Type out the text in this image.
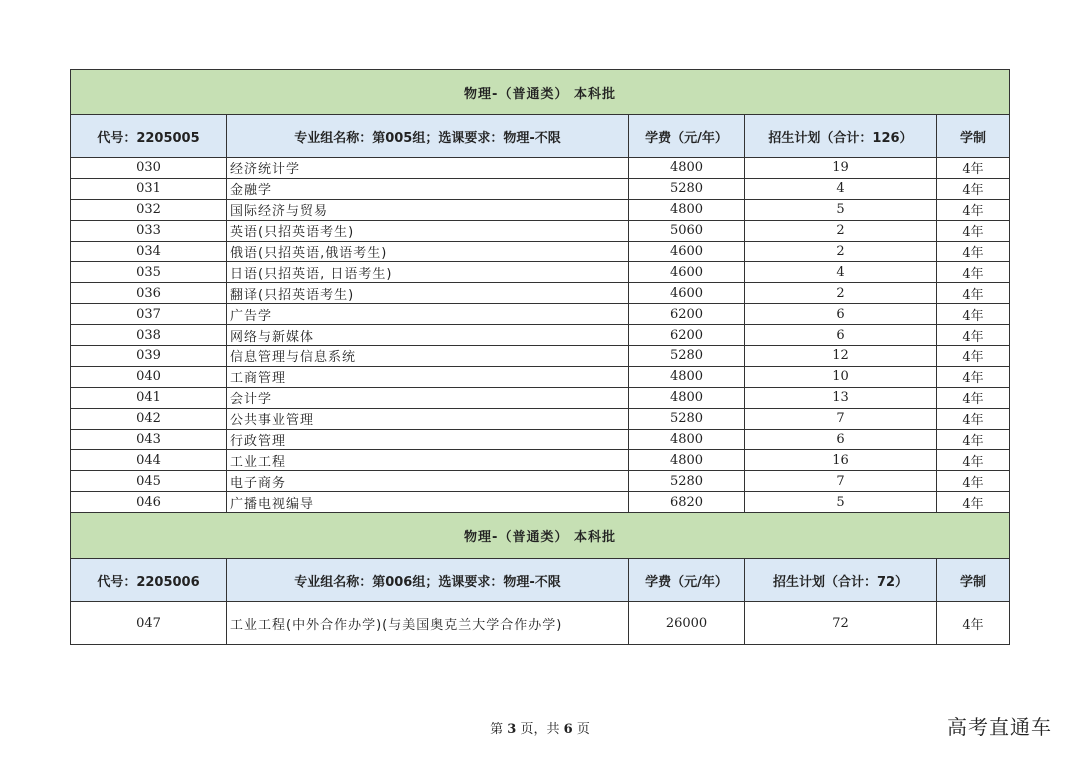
物理-（普通类） 本科批				
代号：2205005	专业组名称：第005组；选课要求：物理-不限	学费（元/年）	招生计划（合计：126）	学制
030	经济统计学	4800	19	4年
031	金融学	5280	4	4年
032	国际经济与贸易	4800	5	4年
033	英语(只招英语考生)	5060	2	4年
034	俄语(只招英语,俄语考生)	4600	2	4年
035	日语(只招英语, 日语考生)	4600	4	4年
036	翻译(只招英语考生)	4600	2	4年
037	广告学	6200	6	4年
038	网络与新媒体	6200	6	4年
039	信息管理与信息系统	5280	12	4年
040	工商管理	4800	10	4年
041	会计学	4800	13	4年
042	公共事业管理	5280	7	4年
043	行政管理	4800	6	4年
044	工业工程	4800	16	4年
045	电子商务	5280	7	4年
046	广播电视编导	6820	5	4年
物理-（普通类） 本科批				
代号：2205006	专业组名称：第006组；选课要求：物理-不限	学费（元/年）	招生计划（合计：72）	学制
047	工业工程(中外合作办学)(与美国奥克兰大学合作办学)	26000	72	4年
第 3 页，共 6 页	高考直通车
